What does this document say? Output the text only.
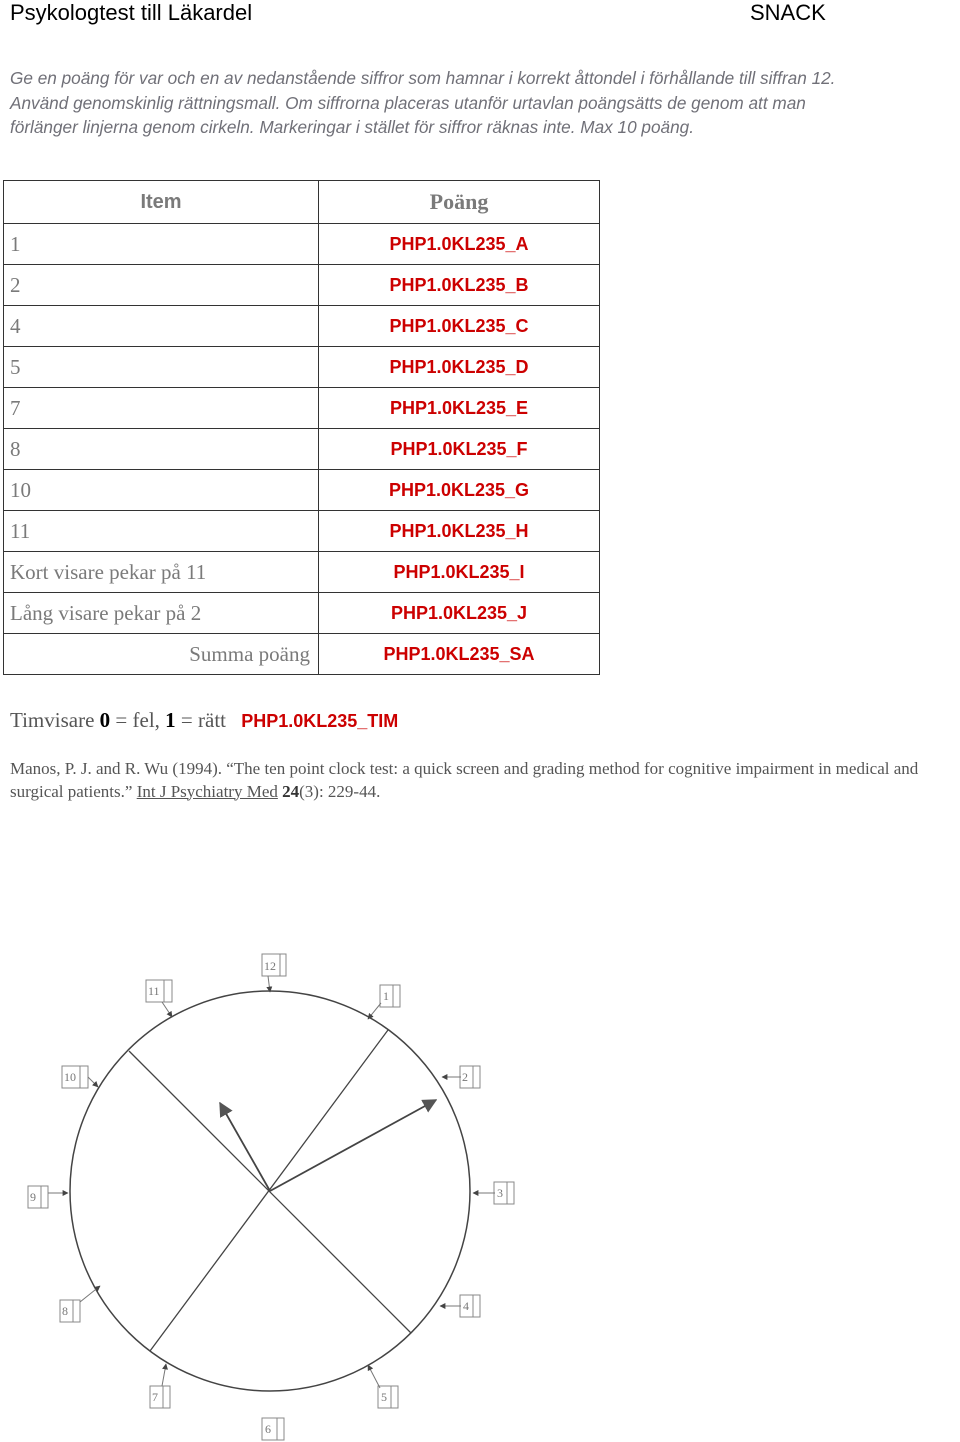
Psykologtest till Läkardel	SNACK
Ge en poäng för var och en av nedanstående siffror som hamnar i korrekt åttondel i förhållande till siffran 12.
Använd genomskinlig rättningsmall. Om siffrorna placeras utanför urtavlan poängsätts de genom att man
förlänger linjerna genom cirkeln. Markeringar i stället för siffror räknas inte. Max 10 poäng.
Item	Poäng
1	PHP1.0KL235_A
2	PHP1.0KL235_B
4	PHP1.0KL235_C
5	PHP1.0KL235_D
7	PHP1.0KL235_E
8	PHP1.0KL235_F
10	PHP1.0KL235_G
11	PHP1.0KL235_H
Kort visare pekar på 11	PHP1.0KL235_I
Lång visare pekar på 2	PHP1.0KL235_J
Summa poäng	PHP1.0KL235_SA
Timvisare 0 = fel, 1 = rätt PHP1.0KL235_TIM
Manos, P. J. and R. Wu (1994). “The ten point clock test: a quick screen and grading method for cognitive impairment in medical and surgical patients.” Int J Psychiatry Med 24(3): 229-44.
12
1
2
3
4
5
6
7
8
9
10
11
